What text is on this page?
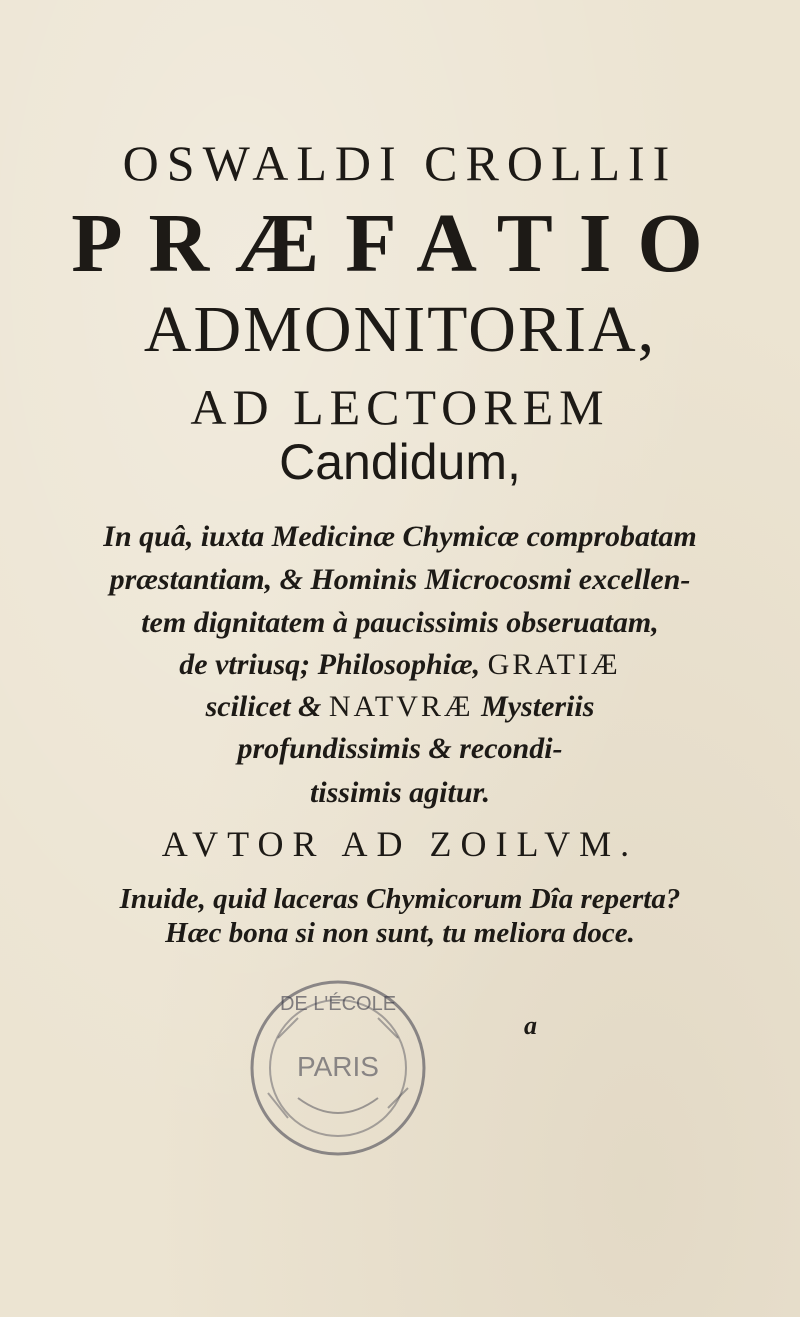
OSWALDI CROLLII
PRÆFATIO
ADMONITORIA,
AD LECTOREM
Candidum,
In quâ, iuxta Medicinæ Chymicæ comprobatam
præstantiam, & Hominis Microcosmi excellen-
tem dignitatem à paucissimis obseruatam,
de vtriusq; Philosophiæ, GRATIÆ
scilicet & NATVRÆ Mysteriis
profundissimis & recondi-
tissimis agitur.
AVTOR AD ZOILVM.
Inuide, quid laceras Chymicorum Dîa reperta?
Hæc bona si non sunt, tu meliora doce.
DE L'ÉCOLE
PARIS
a
